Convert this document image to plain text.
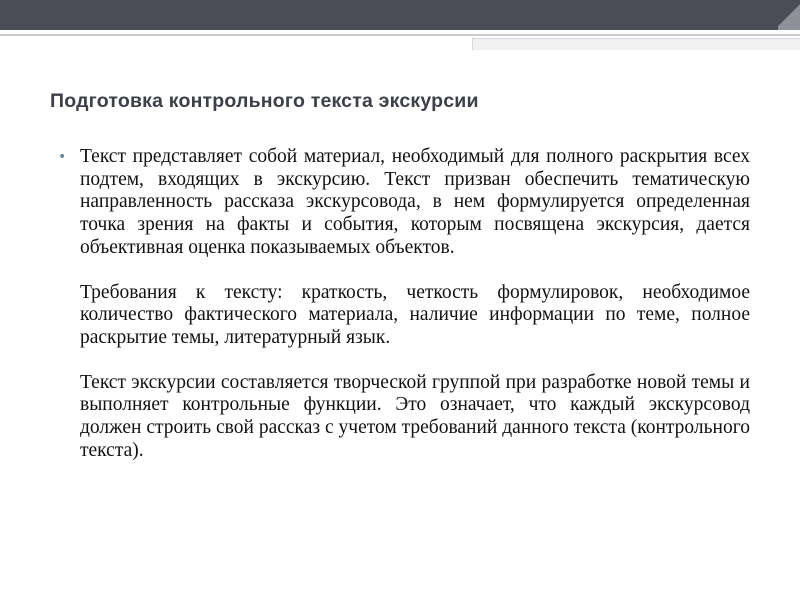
Подготовка контрольного текста экскурсии
• Текст представляет собой материал, необходимый для полного раскрытия всех подтем, входящих в экскурсию. Текст призван обеспечить тематическую направленность рассказа экскурсовода, в нем формулируется определенная точка зрения на факты и события, которым посвящена экскурсия, дается объективная оценка показываемых объектов.

Требования к тексту: краткость, четкость формулировок, необходимое количество фактического материала, наличие информации по теме, полное раскрытие темы, литературный язык.

Текст экскурсии составляется творческой группой при разработке новой темы и выполняет контрольные функции. Это означает, что каждый экскурсовод должен строить свой рассказ с учетом требований данного текста (контрольного текста).
